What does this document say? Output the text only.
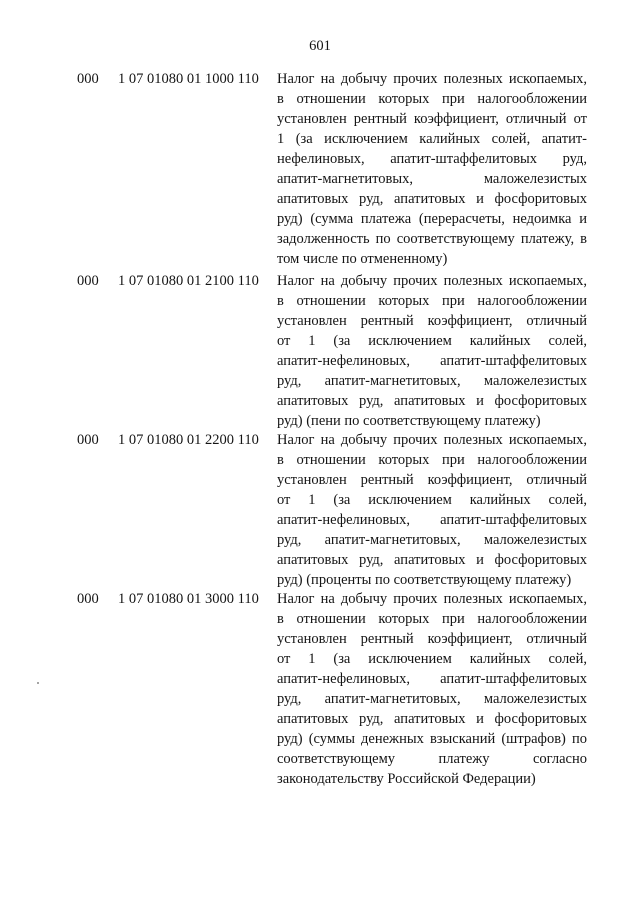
601
000 1 07 01080 01 1000 110 Налог на добычу прочих полезных ископаемых,
в отношении которых при налогообложении
установлен рентный коэффициент, отличный от
1 (за исключением калийных солей, апатит-
нефелиновых, апатит-штаффелитовых руд,
апатит-магнетитовых, маложелезистых
апатитовых руд, апатитовых и фосфоритовых
руд) (сумма платежа (перерасчеты, недоимка и
задолженность по соответствующему платежу, в
том числе по отмененному)
000 1 07 01080 01 2100 110 Налог на добычу прочих полезных ископаемых,
в отношении которых при налогообложении
установлен рентный коэффициент, отличный
от 1 (за исключением калийных солей,
апатит-нефелиновых, апатит-штаффелитовых
руд, апатит-магнетитовых, маложелезистых
апатитовых руд, апатитовых и фосфоритовых
руд) (пени по соответствующему платежу)
000 1 07 01080 01 2200 110 Налог на добычу прочих полезных ископаемых,
в отношении которых при налогообложении
установлен рентный коэффициент, отличный
от 1 (за исключением калийных солей,
апатит-нефелиновых, апатит-штаффелитовых
руд, апатит-магнетитовых, маложелезистых
апатитовых руд, апатитовых и фосфоритовых
руд) (проценты по соответствующему платежу)
000 1 07 01080 01 3000 110 Налог на добычу прочих полезных ископаемых,
в отношении которых при налогообложении
установлен рентный коэффициент, отличный
от 1 (за исключением калийных солей,
апатит-нефелиновых, апатит-штаффелитовых
руд, апатит-магнетитовых, маложелезистых
апатитовых руд, апатитовых и фосфоритовых
руд) (суммы денежных взысканий (штрафов) по
соответствующему платежу согласно
законодательству Российской Федерации)
